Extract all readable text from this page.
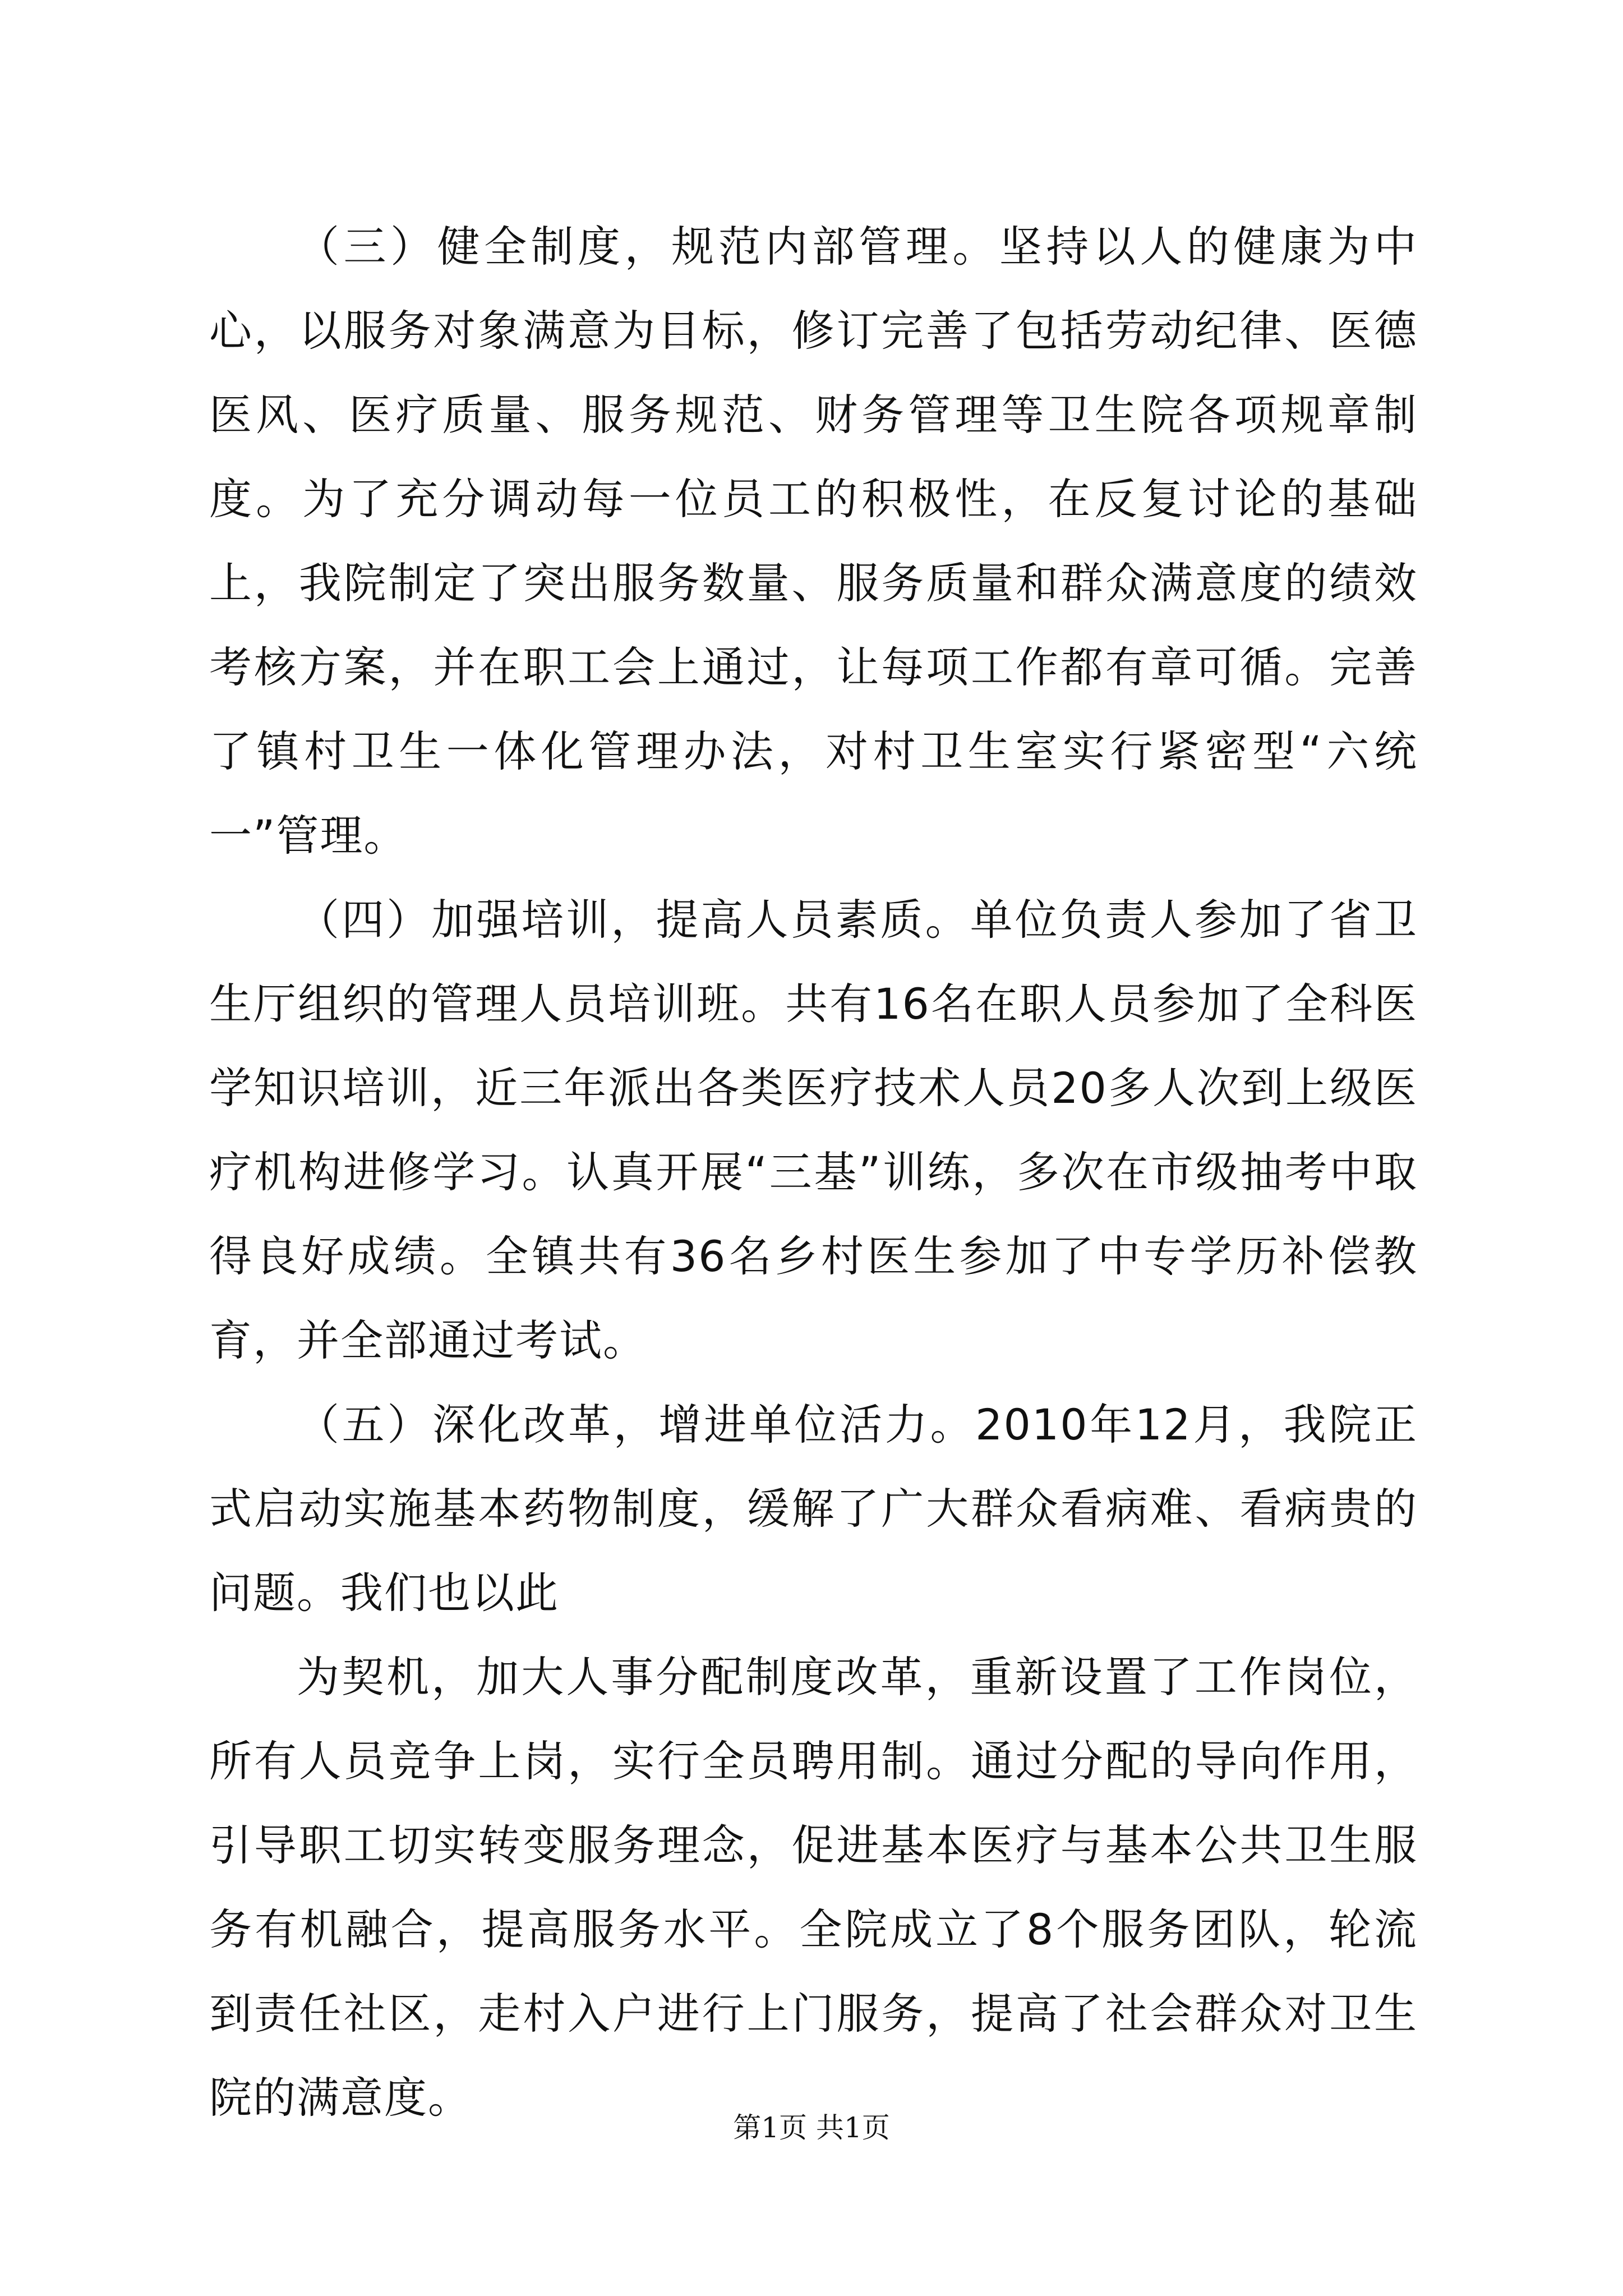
（三）健全制度，规范内部管理。坚持以人的健康为中心，以服务对象满意为目标，修订完善了包括劳动纪律、医德医风、医疗质量、服务规范、财务管理等卫生院各项规章制度。为了充分调动每一位员工的积极性，在反复讨论的基础上，我院制定了突出服务数量、服务质量和群众满意度的绩效考核方案，并在职工会上通过，让每项工作都有章可循。完善了镇村卫生一体化管理办法，对村卫生室实行紧密型“六统一”管理。

（四）加强培训，提高人员素质。单位负责人参加了省卫生厅组织的管理人员培训班。共有16名在职人员参加了全科医学知识培训，近三年派出各类医疗技术人员20多人次到上级医疗机构进修学习。认真开展“三基”训练，多次在市级抽考中取得良好成绩。全镇共有36名乡村医生参加了中专学历补偿教育，并全部通过考试。

（五）深化改革，增进单位活力。2010年12月，我院正式启动实施基本药物制度，缓解了广大群众看病难、看病贵的问题。我们也以此

为契机，加大人事分配制度改革，重新设置了工作岗位，所有人员竞争上岗，实行全员聘用制。通过分配的导向作用，引导职工切实转变服务理念，促进基本医疗与基本公共卫生服务有机融合，提高服务水平。全院成立了8个服务团队，轮流到责任社区，走村入户进行上门服务，提高了社会群众对卫生院的满意度。

第1页 共1页
